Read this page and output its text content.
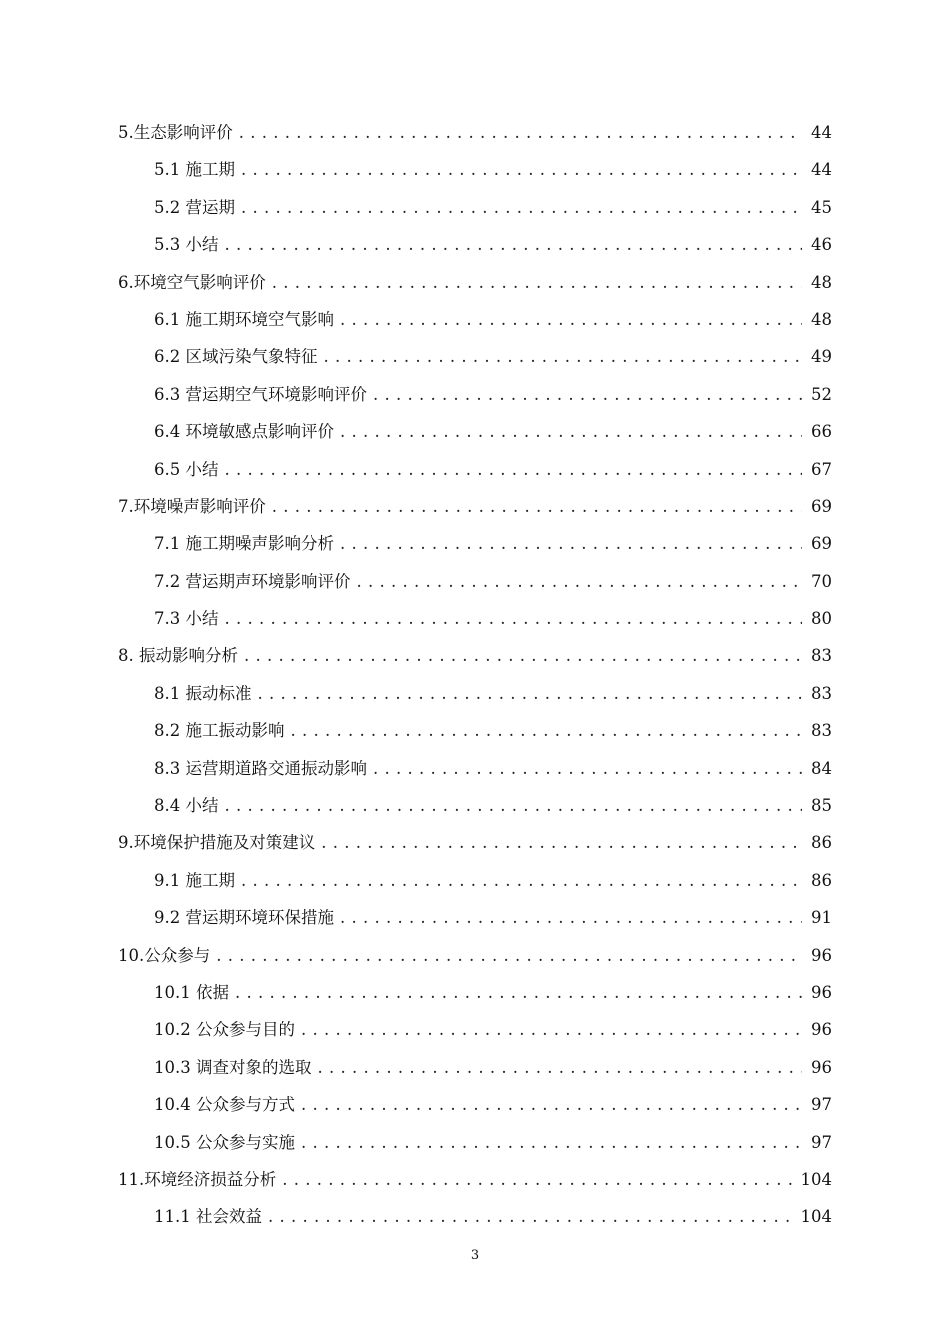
5.生态影响评价 . . .	44
5.1 施工期 . . .	44
5.2 营运期 . . .	45
5.3 小结 . . .	46
6.环境空气影响评价 . . .	48
6.1 施工期环境空气影响 . . .	48
6.2 区域污染气象特征 . . .	49
6.3 营运期空气环境影响评价 . . .	52
6.4 环境敏感点影响评价 . . .	66
6.5 小结 . . .	67
7.环境噪声影响评价 . . .	69
7.1 施工期噪声影响分析 . . .	69
7.2 营运期声环境影响评价 . . .	70
7.3 小结 . . .	80
8. 振动影响分析 . . .	83
8.1 振动标准 . . .	83
8.2 施工振动影响 . . .	83
8.3 运营期道路交通振动影响 . . .	84
8.4 小结 . . .	85
9.环境保护措施及对策建议 . . .	86
9.1 施工期 . . .	86
9.2 营运期环境环保措施 . . .	91
10.公众参与 . . .	96
10.1 依据 . . .	96
10.2 公众参与目的 . . .	96
10.3 调查对象的选取 . . .	96
10.4 公众参与方式 . . .	97
10.5 公众参与实施 . . .	97
11.环境经济损益分析 . . .	104
11.1 社会效益 . . .	104
3
